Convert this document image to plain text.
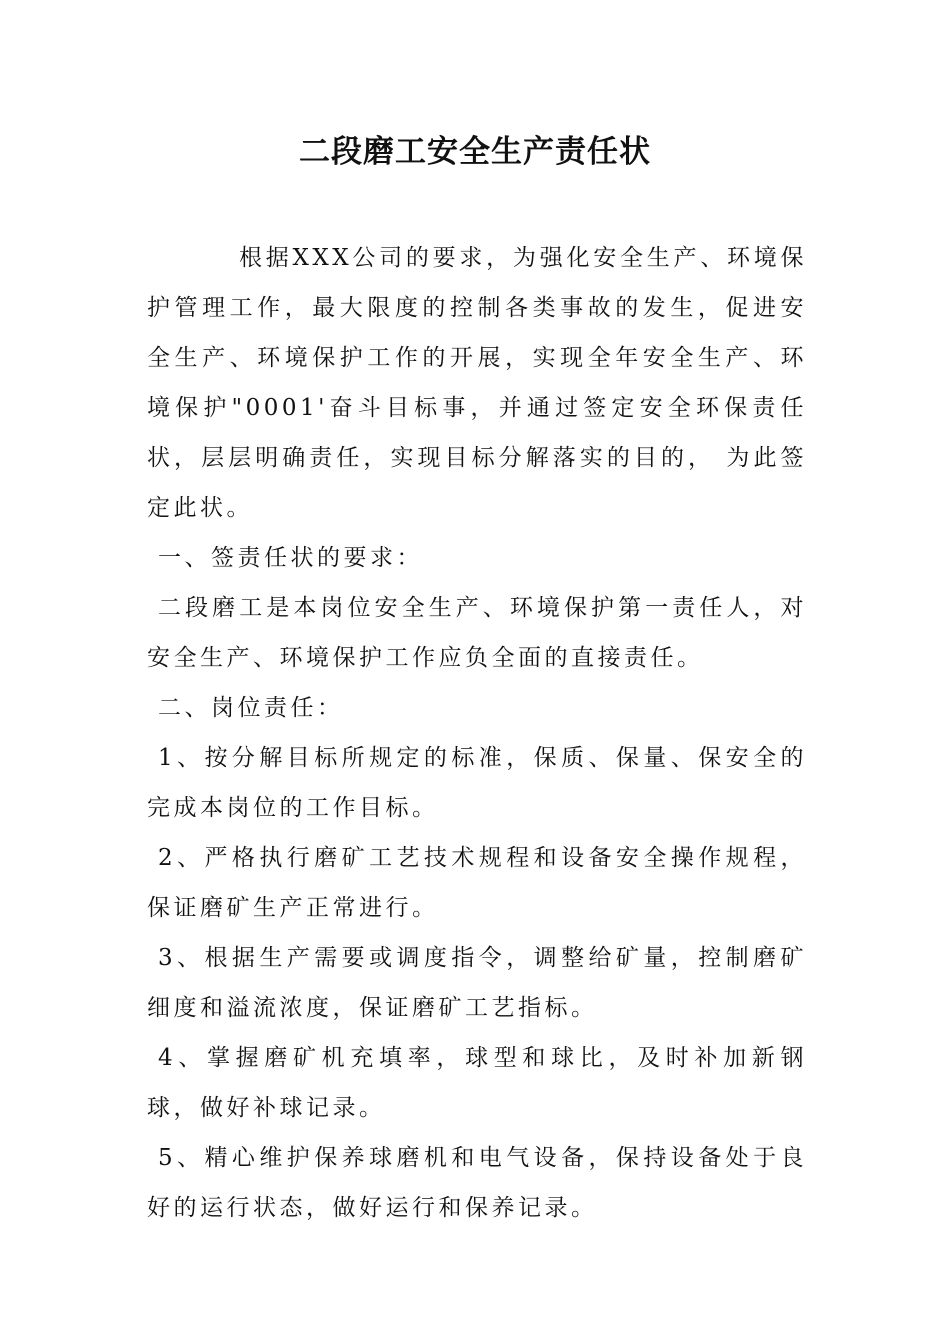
二段磨工安全生产责任状

根据XXX公司的要求，为强化安全生产、环境保护管理工作，最大限度的控制各类事故的发生，促进安全生产、环境保护工作的开展，实现全年安全生产、环境保护"0001'奋斗目标事，并通过签定安全环保责任状，层层明确责任，实现目标分解落实的目的， 为此签定此状。

一、签责任状的要求：

二段磨工是本岗位安全生产、环境保护第一责任人，对安全生产、环境保护工作应负全面的直接责任。

二、岗位责任：

1、按分解目标所规定的标准，保质、保量、保安全的完成本岗位的工作目标。

2、严格执行磨矿工艺技术规程和设备安全操作规程，保证磨矿生产正常进行。

3、根据生产需要或调度指令，调整给矿量，控制磨矿细度和溢流浓度，保证磨矿工艺指标。

4、掌握磨矿机充填率，球型和球比，及时补加新钢球，做好补球记录。

5、精心维护保养球磨机和电气设备，保持设备处于良好的运行状态，做好运行和保养记录。
